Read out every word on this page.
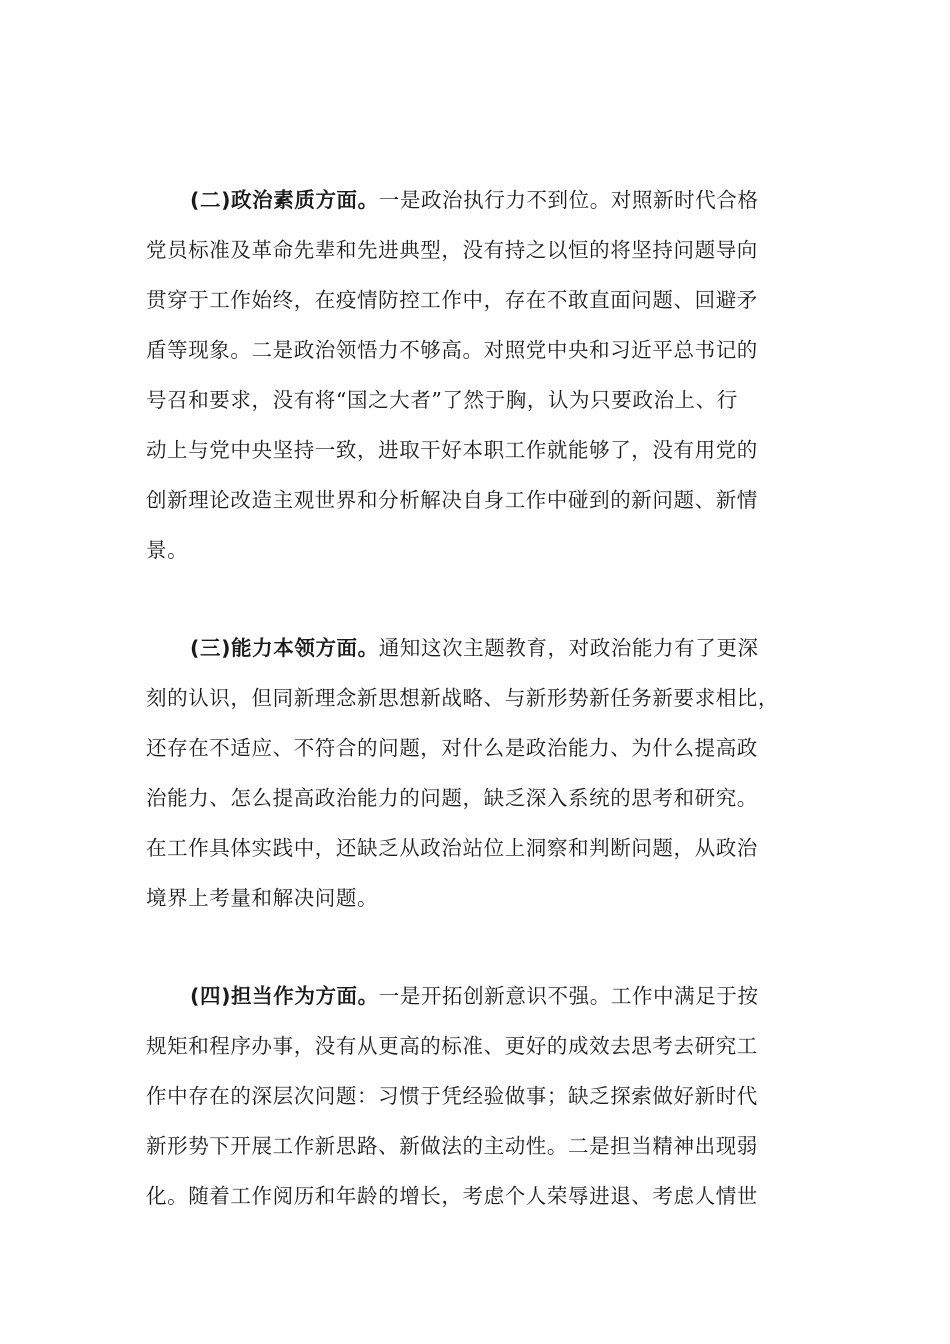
(二)政治素质方面。一是政治执行力不到位。对照新时代合格
党员标准及革命先辈和先进典型，没有持之以恒的将坚持问题导向
贯穿于工作始终，在疫情防控工作中，存在不敢直面问题、回避矛
盾等现象。二是政治领悟力不够高。对照党中央和习近平总书记的
号召和要求，没有将“国之大者”了然于胸，认为只要政治上、行
动上与党中央坚持一致，进取干好本职工作就能够了，没有用党的
创新理论改造主观世界和分析解决自身工作中碰到的新问题、新情
景。
(三)能力本领方面。通知这次主题教育，对政治能力有了更深
刻的认识，但同新理念新思想新战略、与新形势新任务新要求相比，
还存在不适应、不符合的问题，对什么是政治能力、为什么提高政
治能力、怎么提高政治能力的问题，缺乏深入系统的思考和研究。
在工作具体实践中，还缺乏从政治站位上洞察和判断问题，从政治
境界上考量和解决问题。
(四)担当作为方面。一是开拓创新意识不强。工作中满足于按
规矩和程序办事，没有从更高的标准、更好的成效去思考去研究工
作中存在的深层次问题：习惯于凭经验做事；缺乏探索做好新时代
新形势下开展工作新思路、新做法的主动性。二是担当精神出现弱
化。随着工作阅历和年龄的增长，考虑个人荣辱进退、考虑人情世
